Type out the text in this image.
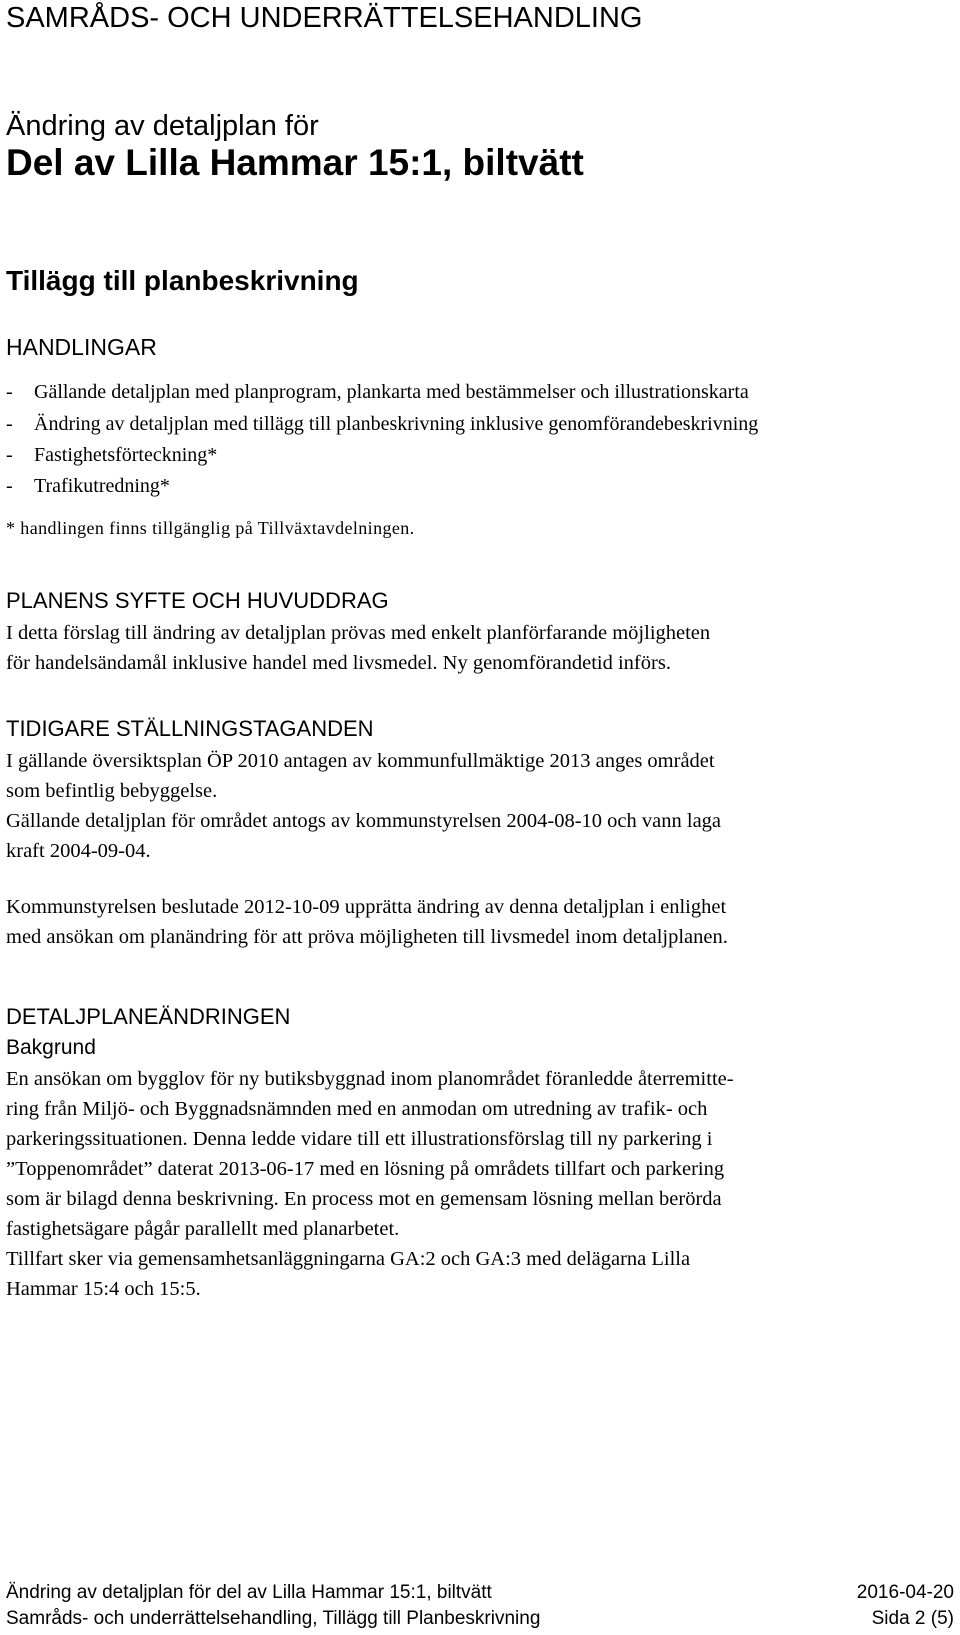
SAMRÅDS- OCH UNDERRÄTTELSEHANDLING
Ändring av detaljplan för
Del av Lilla Hammar 15:1, biltvätt
Tillägg till planbeskrivning
HANDLINGAR
- Gällande detaljplan med planprogram, plankarta med bestämmelser och illustrationskarta
- Ändring av detaljplan med tillägg till planbeskrivning inklusive genomförandebeskrivning
- Fastighetsförteckning*
- Trafikutredning*
* handlingen finns tillgänglig på Tillväxtavdelningen.
PLANENS SYFTE OCH HUVUDDRAG
I detta förslag till ändring av detaljplan prövas med enkelt planförfarande möjligheten
för handelsändamål inklusive handel med livsmedel. Ny genomförandetid införs.
TIDIGARE STÄLLNINGSTAGANDEN
I gällande översiktsplan ÖP 2010 antagen av kommunfullmäktige 2013 anges området
som befintlig bebyggelse.
Gällande detaljplan för området antogs av kommunstyrelsen 2004-08-10 och vann laga
kraft 2004-09-04.
Kommunstyrelsen beslutade 2012-10-09 upprätta ändring av denna detaljplan i enlighet
med ansökan om planändring för att pröva möjligheten till livsmedel inom detaljplanen.
DETALJPLANEÄNDRINGEN
Bakgrund
En ansökan om bygglov för ny butiksbyggnad inom planområdet föranledde återremitte-
ring från Miljö- och Byggnadsnämnden med en anmodan om utredning av trafik- och
parkeringssituationen. Denna ledde vidare till ett illustrationsförslag till ny parkering i
”Toppenområdet” daterat 2013-06-17 med en lösning på områdets tillfart och parkering
som är bilagd denna beskrivning. En process mot en gemensam lösning mellan berörda
fastighetsägare pågår parallellt med planarbetet.
Tillfart sker via gemensamhetsanläggningarna GA:2 och GA:3 med delägarna Lilla
Hammar 15:4 och 15:5.
Ändring av detaljplan för del av Lilla Hammar 15:1, biltvätt	2016-04-20
Samråds- och underrättelsehandling, Tillägg till Planbeskrivning	Sida 2 (5)
